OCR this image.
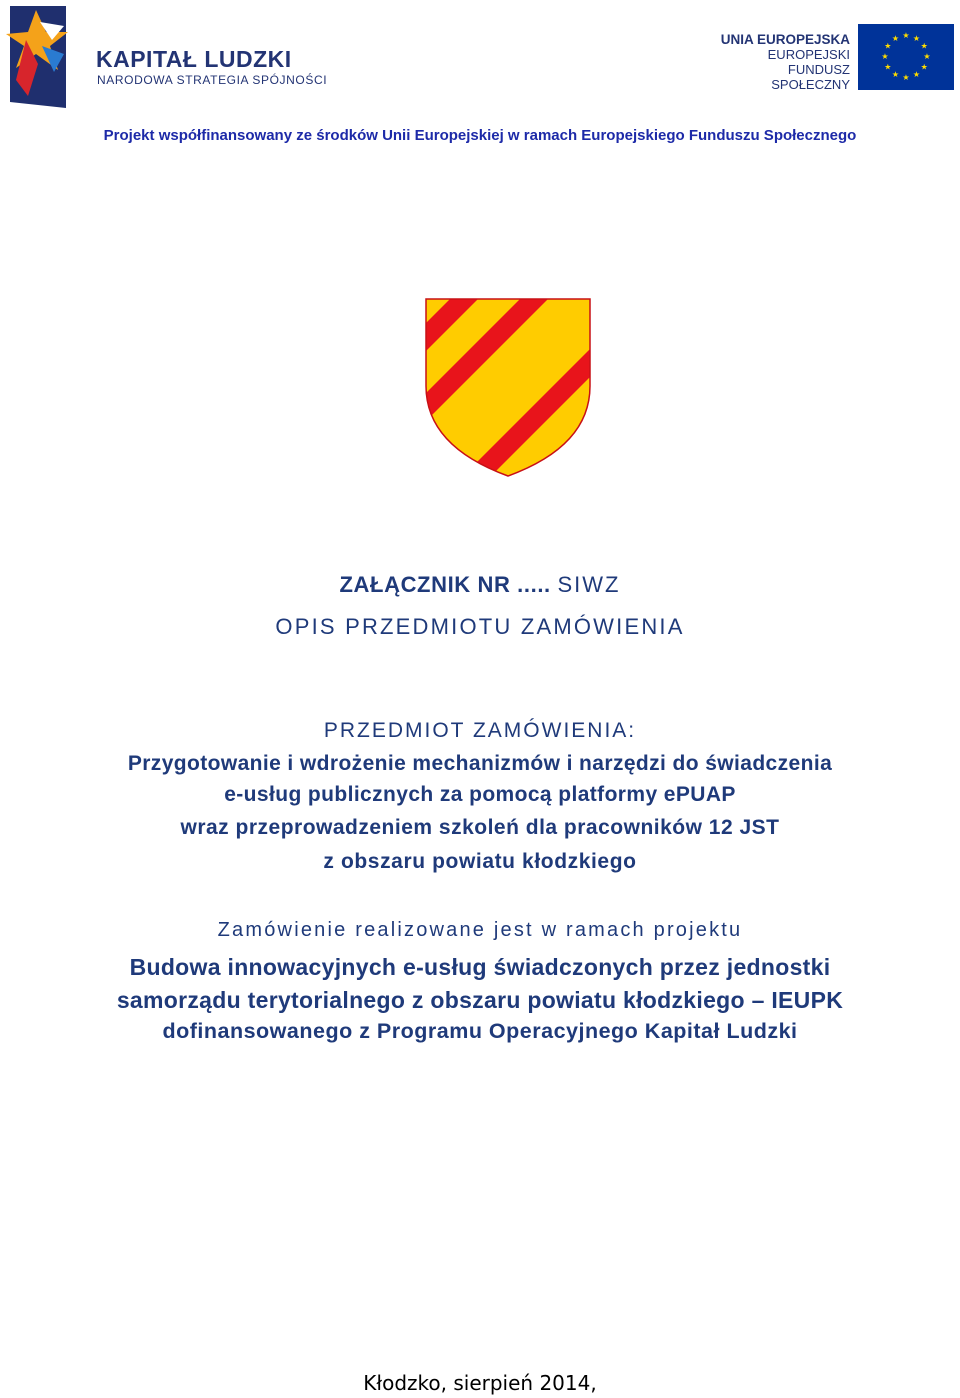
KAPITAŁ LUDZKI
NARODOWA STRATEGIA SPÓJNOŚCI
UNIA EUROPEJSKA
EUROPEJSKI
FUNDUSZ SPOŁECZNY
★ ★
★
★
★
★
★
★
★
★
★
★
Projekt współfinansowany ze środków Unii Europejskiej w ramach Europejskiego Funduszu Społecznego
ZAŁĄCZNIK NR ..... SIWZ
OPIS PRZEDMIOTU ZAMÓWIENIA
PRZEDMIOT ZAMÓWIENIA:
Przygotowanie i wdrożenie mechanizmów i narzędzi do świadczenia
e-usług publicznych za pomocą platformy ePUAP
wraz przeprowadzeniem szkoleń dla pracowników 12 JST
z obszaru powiatu kłodzkiego
Zamówienie realizowane jest w ramach projektu
Budowa innowacyjnych e-usług świadczonych przez jednostki
samorządu terytorialnego z obszaru powiatu kłodzkiego – IEUPK
dofinansowanego z Programu Operacyjnego Kapitał Ludzki
Kłodzko, sierpień 2014,
